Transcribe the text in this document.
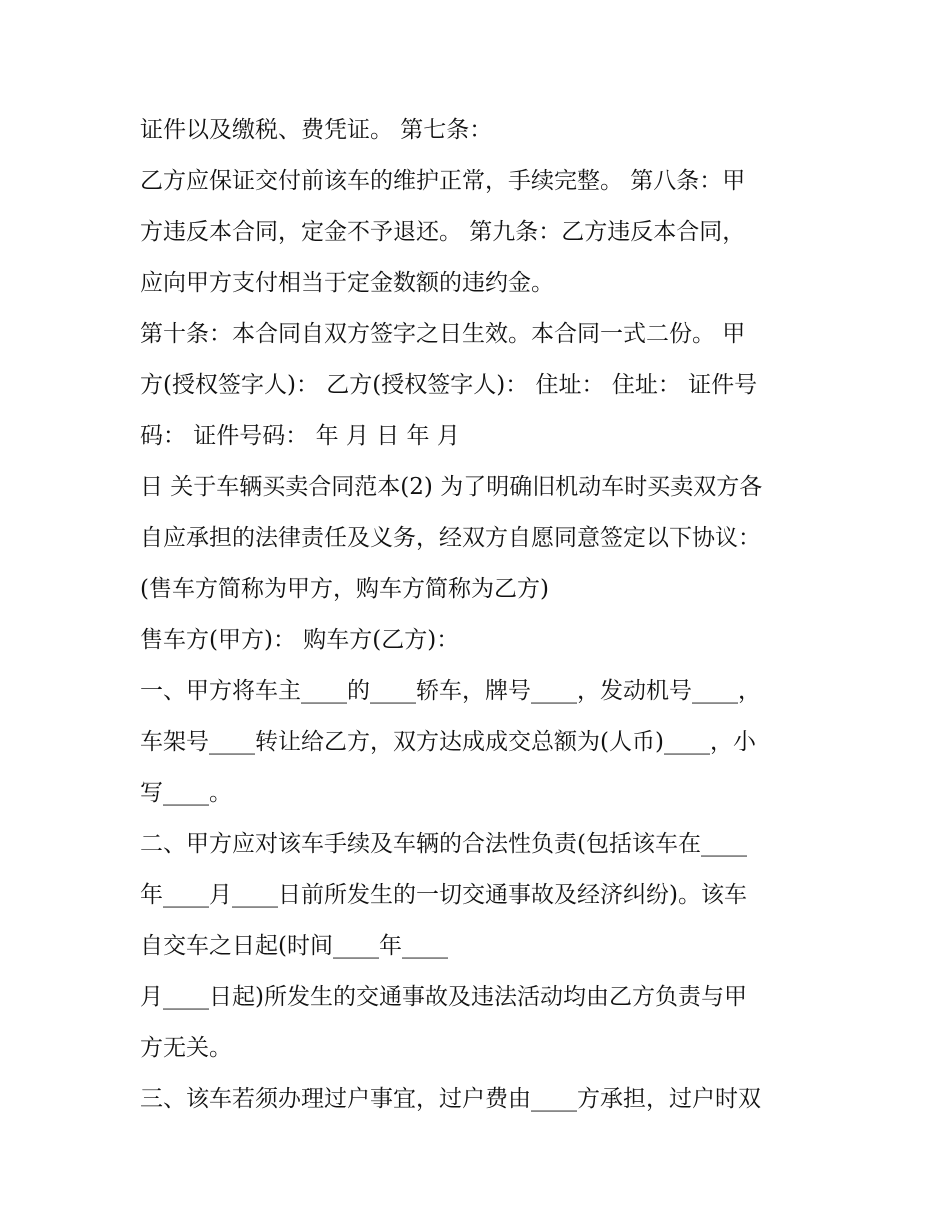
证件以及缴税、费凭证。 第七条：
乙方应保证交付前该车的维护正常，手续完整。 第八条：甲
方违反本合同，定金不予退还。 第九条：乙方违反本合同，
应向甲方支付相当于定金数额的违约金。
第十条：本合同自双方签字之日生效。本合同一式二份。 甲
方(授权签字人)： 乙方(授权签字人)： 住址： 住址： 证件号
码： 证件号码： 年 月 日 年 月
日 关于车辆买卖合同范本(2) 为了明确旧机动车时买卖双方各
自应承担的法律责任及义务，经双方自愿同意签定以下协议：
(售车方简称为甲方，购车方简称为乙方)
售车方(甲方)： 购车方(乙方)：
一、甲方将车主____的____轿车，牌号____，发动机号____，
车架号____转让给乙方，双方达成成交总额为(人币)____，小
写____。
二、甲方应对该车手续及车辆的合法性负责(包括该车在____
年____月____日前所发生的一切交通事故及经济纠纷)。该车
自交车之日起(时间____年____
月____日起)所发生的交通事故及违法活动均由乙方负责与甲
方无关。
三、该车若须办理过户事宜，过户费由____方承担，过户时双
